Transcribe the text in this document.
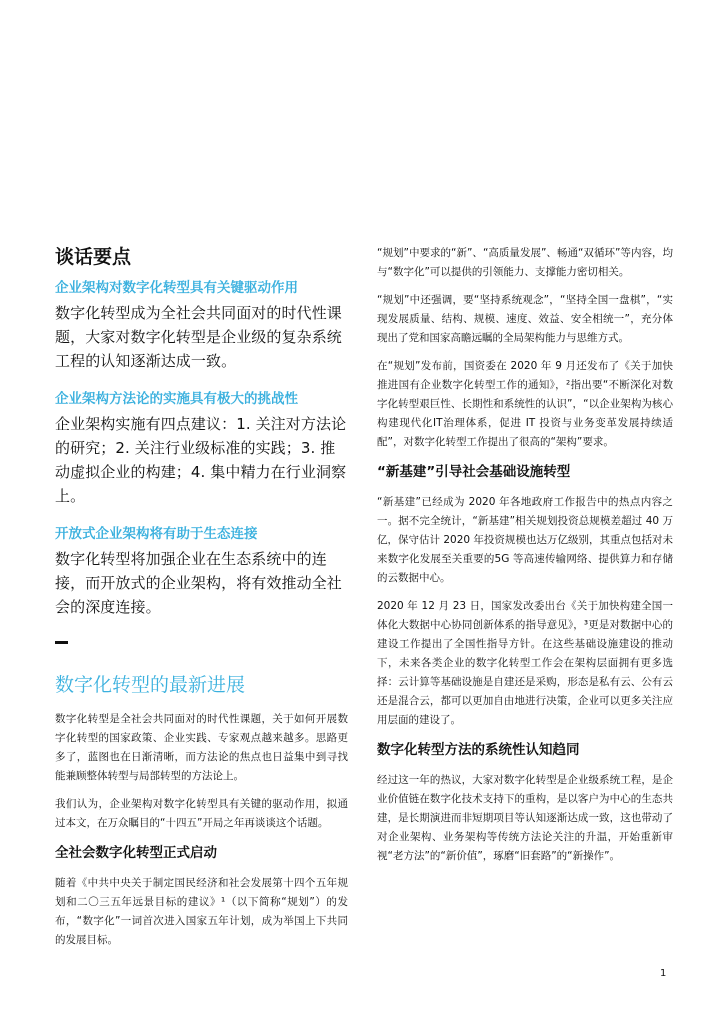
谈话要点

企业架构对数字化转型具有关键驱动作用

数字化转型成为全社会共同面对的时代性课题，大家对数字化转型是企业级的复杂系统工程的认知逐渐达成一致。

企业架构方法论的实施具有极大的挑战性

企业架构实施有四点建议：1. 关注对方法论的研究；2. 关注行业级标准的实践；3. 推动虚拟企业的构建；4. 集中精力在行业洞察上。

开放式企业架构将有助于生态连接

数字化转型将加强企业在生态系统中的连接，而开放式的企业架构，将有效推动全社会的深度连接。

数字化转型的最新进展

数字化转型是全社会共同面对的时代性课题，关于如何开展数字化转型的国家政策、企业实践、专家观点越来越多。思路更多了，蓝图也在日渐清晰，而方法论的焦点也日益集中到寻找能兼顾整体转型与局部转型的方法论上。

我们认为，企业架构对数字化转型具有关键的驱动作用，拟通过本文，在万众瞩目的“十四五”开局之年再谈谈这个话题。

全社会数字化转型正式启动

随着《中共中央关于制定国民经济和社会发展第十四个五年规划和二〇三五年远景目标的建议》¹（以下简称“规划”）的发布，“数字化”一词首次进入国家五年计划，成为举国上下共同的发展目标。

“规划”中要求的“新”、“高质量发展”、畅通“双循环”等内容，均与“数字化”可以提供的引领能力、支撑能力密切相关。

“规划”中还强调，要“坚持系统观念”，“坚持全国一盘棋”，“实现发展质量、结构、规模、速度、效益、安全相统一”，充分体现出了党和国家高瞻远瞩的全局架构能力与思维方式。

在“规划”发布前，国资委在 2020 年 9 月还发布了《关于加快推进国有企业数字化转型工作的通知》，²指出要“不断深化对数字化转型艰巨性、长期性和系统性的认识”，“以企业架构为核心构建现代化IT治理体系，促进 IT 投资与业务变革发展持续适配”，对数字化转型工作提出了很高的“架构”要求。

“新基建”引导社会基础设施转型

“新基建”已经成为 2020 年各地政府工作报告中的热点内容之一。据不完全统计，“新基建”相关规划投资总规模差超过 40 万亿，保守估计 2020 年投资规模也达万亿级别，其重点包括对未来数字化发展至关重要的5G 等高速传输网络、提供算力和存储的云数据中心。

2020 年 12 月 23 日，国家发改委出台《关于加快构建全国一体化大数据中心协同创新体系的指导意见》，³更是对数据中心的建设工作提出了全国性指导方针。在这些基础设施建设的推动下，未来各类企业的数字化转型工作会在架构层面拥有更多选择：云计算等基础设施是自建还是采购，形态是私有云、公有云还是混合云，都可以更加自由地进行决策，企业可以更多关注应用层面的建设了。

数字化转型方法的系统性认知趋同

经过这一年的热议，大家对数字化转型是企业级系统工程，是企业价值链在数字化技术支持下的重构，是以客户为中心的生态共建，是长期演进而非短期项目等认知逐渐达成一致，这也带动了对企业架构、业务架构等传统方法论关注的升温，开始重新审视“老方法”的“新价值”，琢磨“旧套路”的“新操作”。

1
